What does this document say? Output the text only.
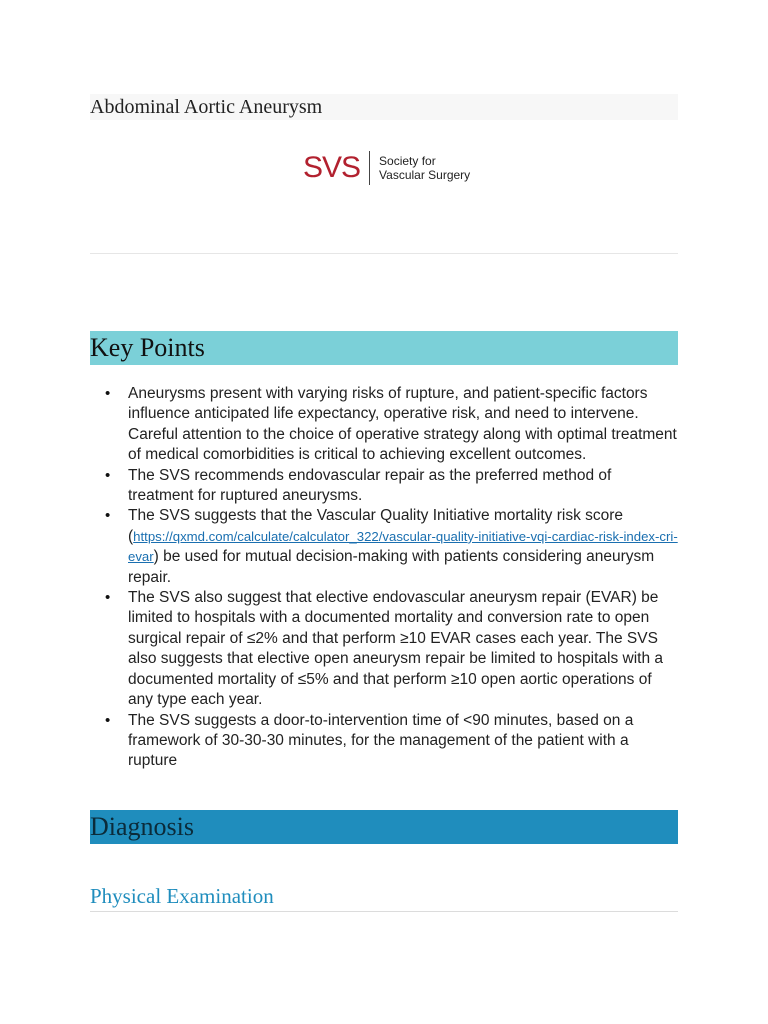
Abdominal Aortic Aneurysm
SVS Society for
Vascular Surgery
Key Points
• Aneurysms present with varying risks of rupture, and patient-specific factors influence anticipated life expectancy, operative risk, and need to intervene. Careful attention to the choice of operative strategy along with optimal treatment of medical comorbidities is critical to achieving excellent outcomes.
• The SVS recommends endovascular repair as the preferred method of treatment for ruptured aneurysms.
• The SVS suggests that the Vascular Quality Initiative mortality risk score (https://qxmd.com/calculate/calculator_322/vascular-quality-initiative-vqi-cardiac-risk-index-cri-evar) be used for mutual decision-making with patients considering aneurysm repair.
• The SVS also suggest that elective endovascular aneurysm repair (EVAR) be limited to hospitals with a documented mortality and conversion rate to open surgical repair of ≤2% and that perform ≥10 EVAR cases each year. The SVS also suggests that elective open aneurysm repair be limited to hospitals with a documented mortality of ≤5% and that perform ≥10 open aortic operations of any type each year.
• The SVS suggests a door-to-intervention time of <90 minutes, based on a framework of 30-30-30 minutes, for the management of the patient with a rupture
Diagnosis
Physical Examination
